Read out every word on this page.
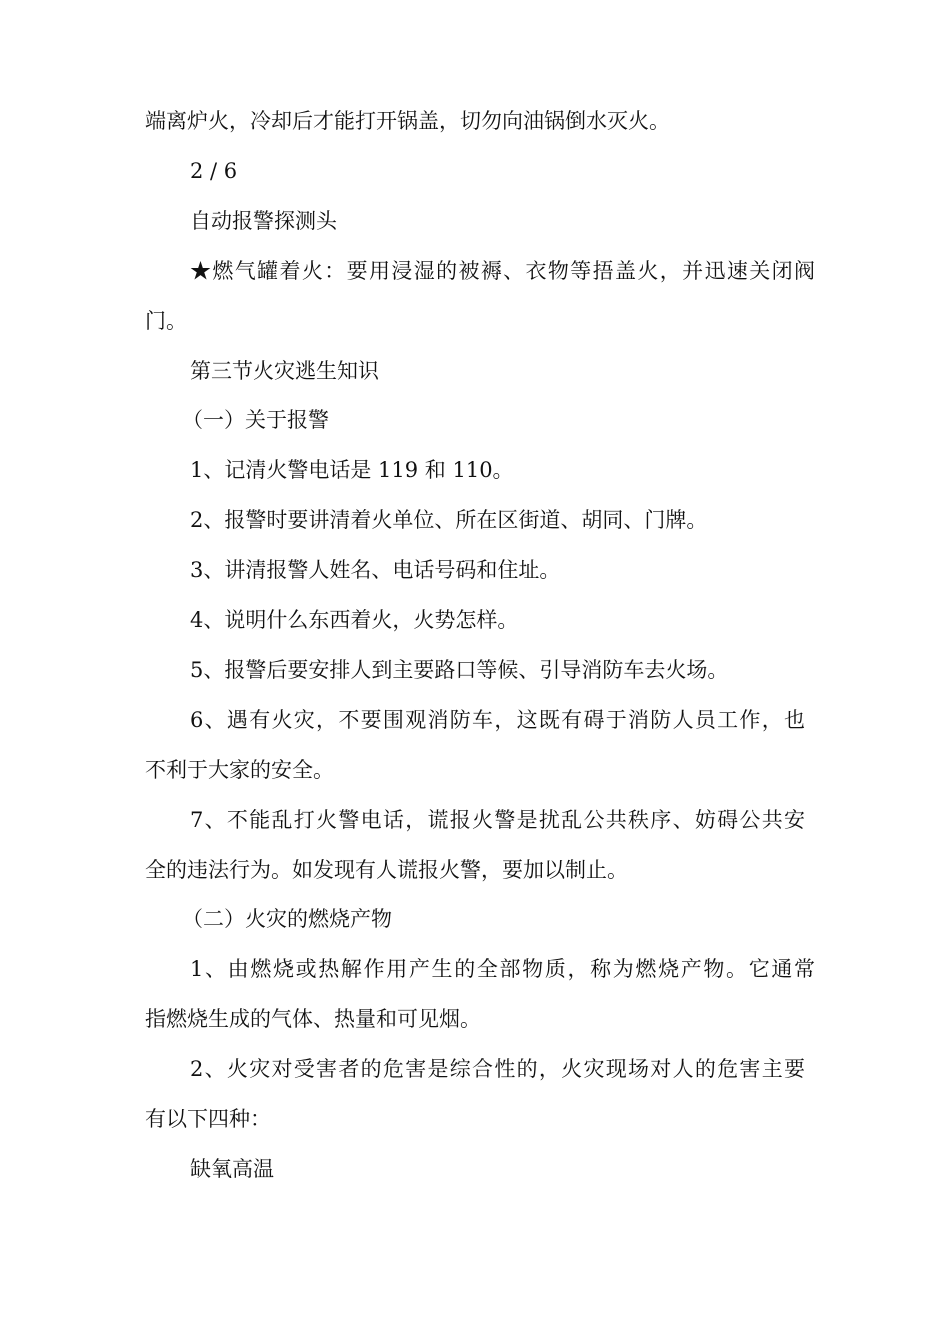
端离炉火，冷却后才能打开锅盖，切勿向油锅倒水灭火。
2 / 6
自动报警探测头
★燃气罐着火：要用浸湿的被褥、衣物等捂盖火，并迅速关闭阀
门。
第三节火灾逃生知识
（一）关于报警
1、记清火警电话是 119 和 110。
2、报警时要讲清着火单位、所在区街道、胡同、门牌。
3、讲清报警人姓名、电话号码和住址。
4、说明什么东西着火，火势怎样。
5、报警后要安排人到主要路口等候、引导消防车去火场。
6、遇有火灾，不要围观消防车，这既有碍于消防人员工作，也
不利于大家的安全。
7、不能乱打火警电话，谎报火警是扰乱公共秩序、妨碍公共安
全的违法行为。如发现有人谎报火警，要加以制止。
（二）火灾的燃烧产物
1、由燃烧或热解作用产生的全部物质，称为燃烧产物。它通常
指燃烧生成的气体、热量和可见烟。
2、火灾对受害者的危害是综合性的，火灾现场对人的危害主要
有以下四种：
缺氧高温
